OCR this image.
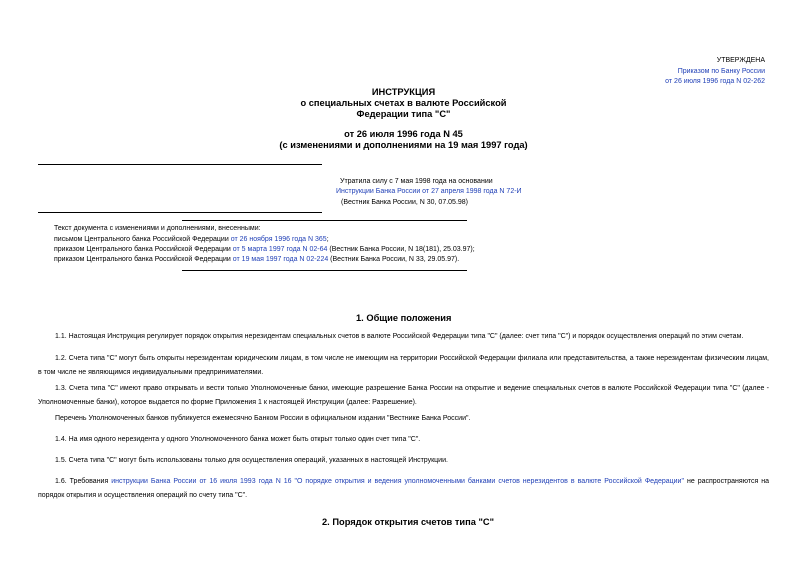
УТВЕРЖДЕНА
Приказом по Банку России
от 26 июля 1996 года N 02-262
ИНСТРУКЦИЯ
о специальных счетах в валюте Российской
Федерации типа "С"
от 26 июля 1996 года N 45
(с изменениями и дополнениями на 19 мая 1997 года)
Утратила силу с 7 мая 1998 года на основании
Инструкции Банка России от 27 апреля 1998 года N 72-И
(Вестник Банка России, N 30, 07.05.98)
Текст документа с изменениями и дополнениями, внесенными:
письмом Центрального банка Российской Федерации от 26 ноября 1996 года N 365;
приказом Центрального банка Российской Федерации от 5 марта 1997 года N 02-64 (Вестник Банка России, N 18(181), 25.03.97);
приказом Центрального банка Российской Федерации от 19 мая 1997 года N 02-224 (Вестник Банка России, N 33, 29.05.97).
1. Общие положения
1.1. Настоящая Инструкция регулирует порядок открытия нерезидентам специальных счетов в валюте Российской Федерации типа "С" (далее: счет типа "С") и порядок осуществления операций по этим счетам.
1.2. Счета типа "С" могут быть открыты нерезидентам юридическим лицам, в том числе не имеющим на территории Российской Федерации филиала или представительства, а также нерезидентам физическим лицам, в том числе не являющимся индивидуальными предпринимателями.
1.3. Счета типа "С" имеют право открывать и вести только Уполномоченные банки, имеющие разрешение Банка России на открытие и ведение специальных счетов в валюте Российской Федерации типа "С" (далее - Уполномоченные банки), которое выдается по форме Приложения 1 к настоящей Инструкции (далее: Разрешение).
Перечень Уполномоченных банков публикуется ежемесячно Банком России в официальном издании "Вестнике Банка России".
1.4. На имя одного нерезидента у одного Уполномоченного банка может быть открыт только один счет типа "С".
1.5. Счета типа "С" могут быть использованы только для осуществления операций, указанных в настоящей Инструкции.
1.6. Требования инструкции Банка России от 16 июля 1993 года N 16 "О порядке открытия и ведения уполномоченными банками счетов нерезидентов в валюте Российской Федерации" не распространяются на порядок открытия и осуществления операций по счету типа "С".
2. Порядок открытия счетов типа "С"
